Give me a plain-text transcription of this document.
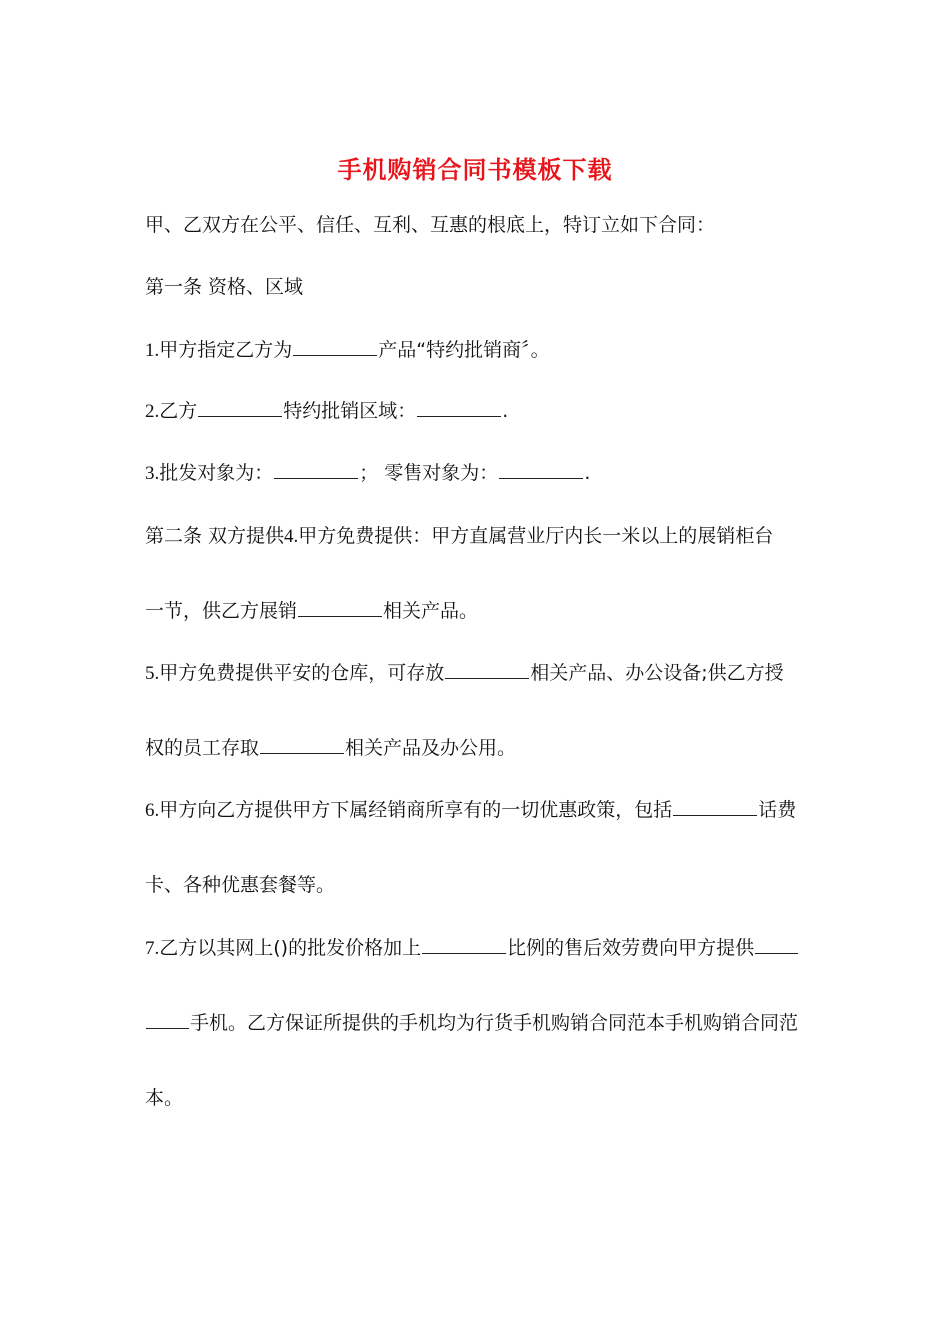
手机购销合同书模板下载
甲、乙双方在公平、信任、互利、互惠的根底上，特订立如下合同：
第一条 资格、区域
1.甲方指定乙方为	产品“特约批销商〞。
2.乙方	特约批销区域：	.
3.批发对象为：	； 零售对象为：	.
第二条 双方提供4.甲方免费提供：甲方直属营业厅内长一米以上的展销柜台
一节，供乙方展销	相关产品。
5.甲方免费提供平安的仓库，可存放	相关产品、办公设备;供乙方授
权的员工存取	相关产品及办公用。
6.甲方向乙方提供甲方下属经销商所享有的一切优惠政策，包括	话费
卡、各种优惠套餐等。
7.乙方以其网上()的批发价格加上	比例的售后效劳费向甲方提供
手机。乙方保证所提供的手机均为行货手机购销合同范本手机购销合同范
本。
